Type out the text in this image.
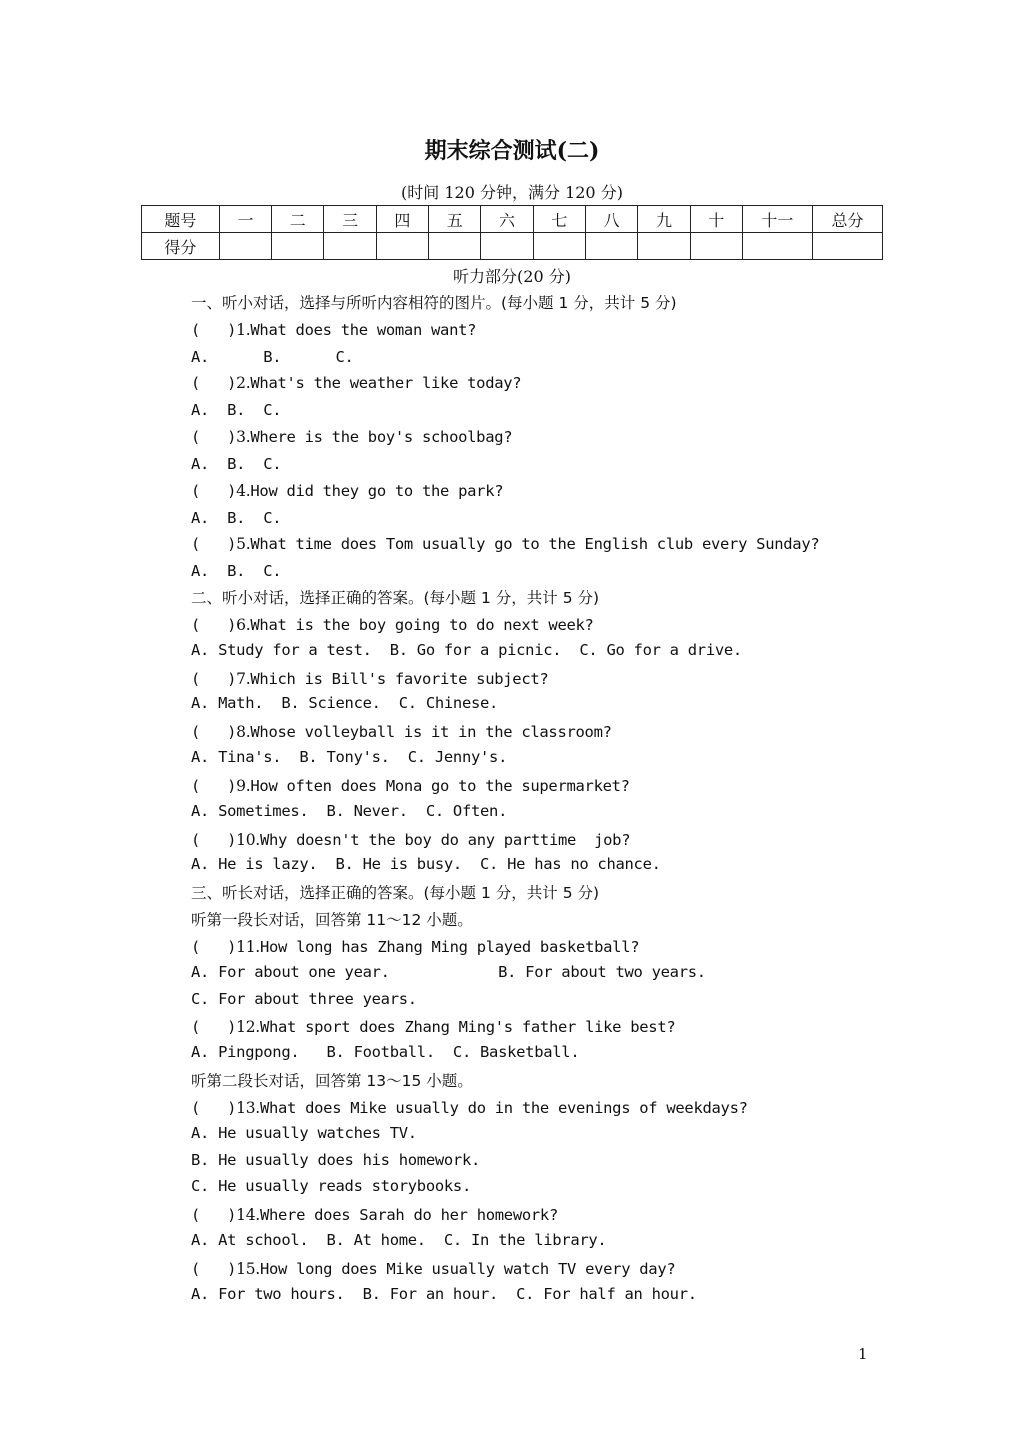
期末综合测试(二)
(时间 120 分钟，满分 120 分)
题号	一	二	三	四	五	六	七	八	九	十	十一	总分
得分												
听力部分(20 分)
一、听小对话，选择与所听内容相符的图片。(每小题 1 分，共计 5 分)
(   )1.What does the woman want?
A.      B.      C.
(   )2.What's the weather like today?
A.  B.  C.
(   )3.Where is the boy's schoolbag?
A.  B.  C.
(   )4.How did they go to the park?
A.  B.  C.
(   )5.What time does Tom usually go to the English club every Sunday?
A.  B.  C.
二、听小对话，选择正确的答案。(每小题 1 分，共计 5 分)
(   )6.What is the boy going to do next week?
A. Study for a test.  B. Go for a picnic.  C. Go for a drive.
(   )7.Which is Bill's favorite subject?
A. Math.  B. Science.  C. Chinese.
(   )8.Whose volleyball is it in the classroom?
A. Tina's.  B. Tony's.  C. Jenny's.
(   )9.How often does Mona go to the supermarket?
A. Sometimes.  B. Never.  C. Often.
(   )10.Why doesn't the boy do any parttime  job?
A. He is lazy.  B. He is busy.  C. He has no chance.
三、听长对话，选择正确的答案。(每小题 1 分，共计 5 分)
听第一段长对话，回答第 11～12 小题。
(   )11.How long has Zhang Ming played basketball?
A. For about one year.            B. For about two years.
C. For about three years.
(   )12.What sport does Zhang Ming's father like best?
A. Pingpong.   B. Football.  C. Basketball.
听第二段长对话，回答第 13～15 小题。
(   )13.What does Mike usually do in the evenings of weekdays?
A. He usually watches TV.
B. He usually does his homework.
C. He usually reads storybooks.
(   )14.Where does Sarah do her homework?
A. At school.  B. At home.  C. In the library.
(   )15.How long does Mike usually watch TV every day?
A. For two hours.  B. For an hour.  C. For half an hour.
1
